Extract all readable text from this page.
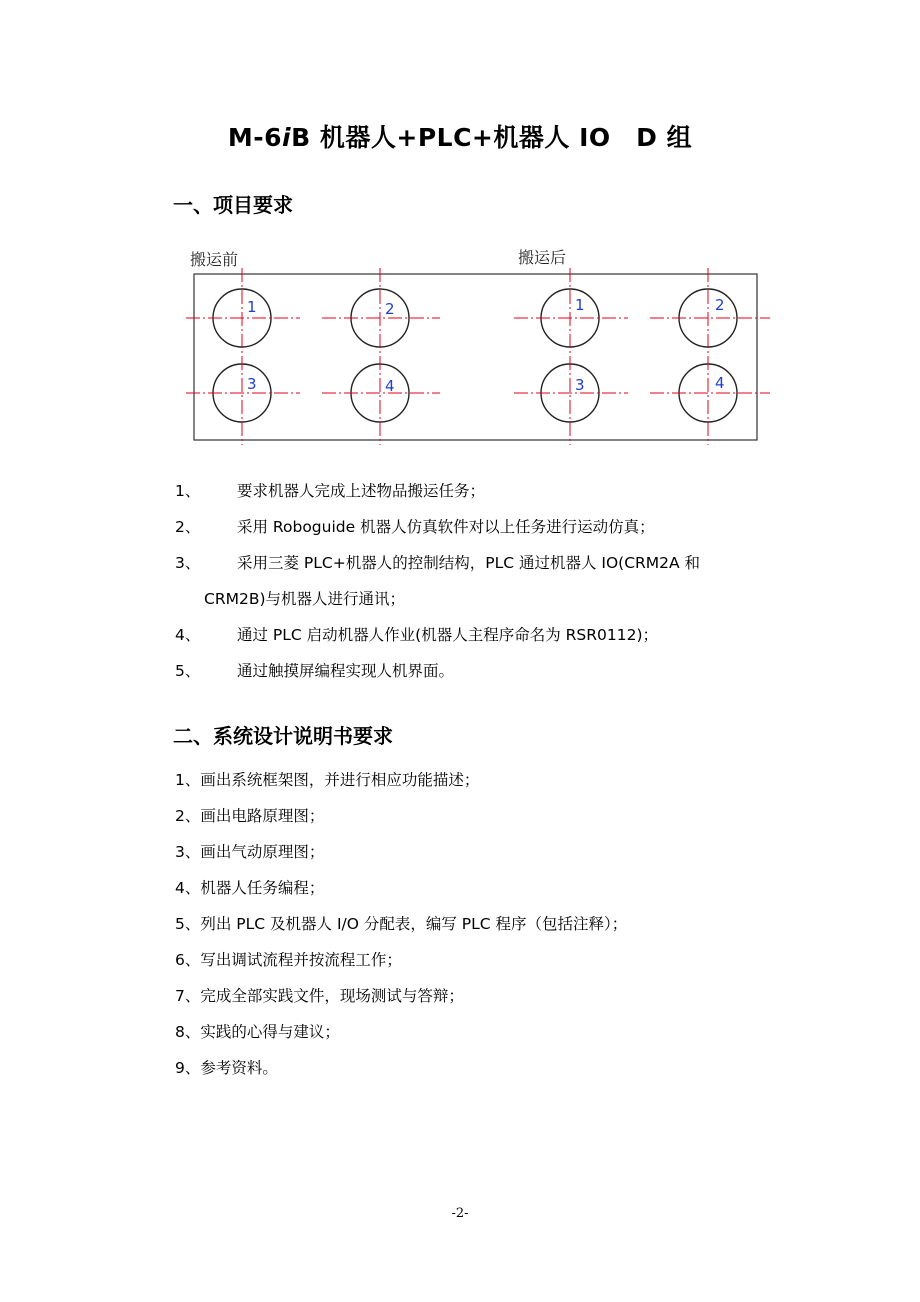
M-6iB 机器人+PLC+机器人 IO　D 组
一、项目要求
搬运前	搬运后
1	2
3	4
1	2
3	4
1、 要求机器人完成上述物品搬运任务；
2、 采用 Roboguide 机器人仿真软件对以上任务进行运动仿真；
3、 采用三菱 PLC+机器人的控制结构，PLC 通过机器人 IO(CRM2A 和
CRM2B)与机器人进行通讯；
4、 通过 PLC 启动机器人作业(机器人主程序命名为 RSR0112)；
5、 通过触摸屏编程实现人机界面。
二、系统设计说明书要求
1、画出系统框架图，并进行相应功能描述；
2、画出电路原理图；
3、画出气动原理图；
4、机器人任务编程；
5、列出 PLC 及机器人 I/O 分配表，编写 PLC 程序（包括注释）；
6、写出调试流程并按流程工作；
7、完成全部实践文件，现场测试与答辩；
8、实践的心得与建议；
9、参考资料。
-2-
